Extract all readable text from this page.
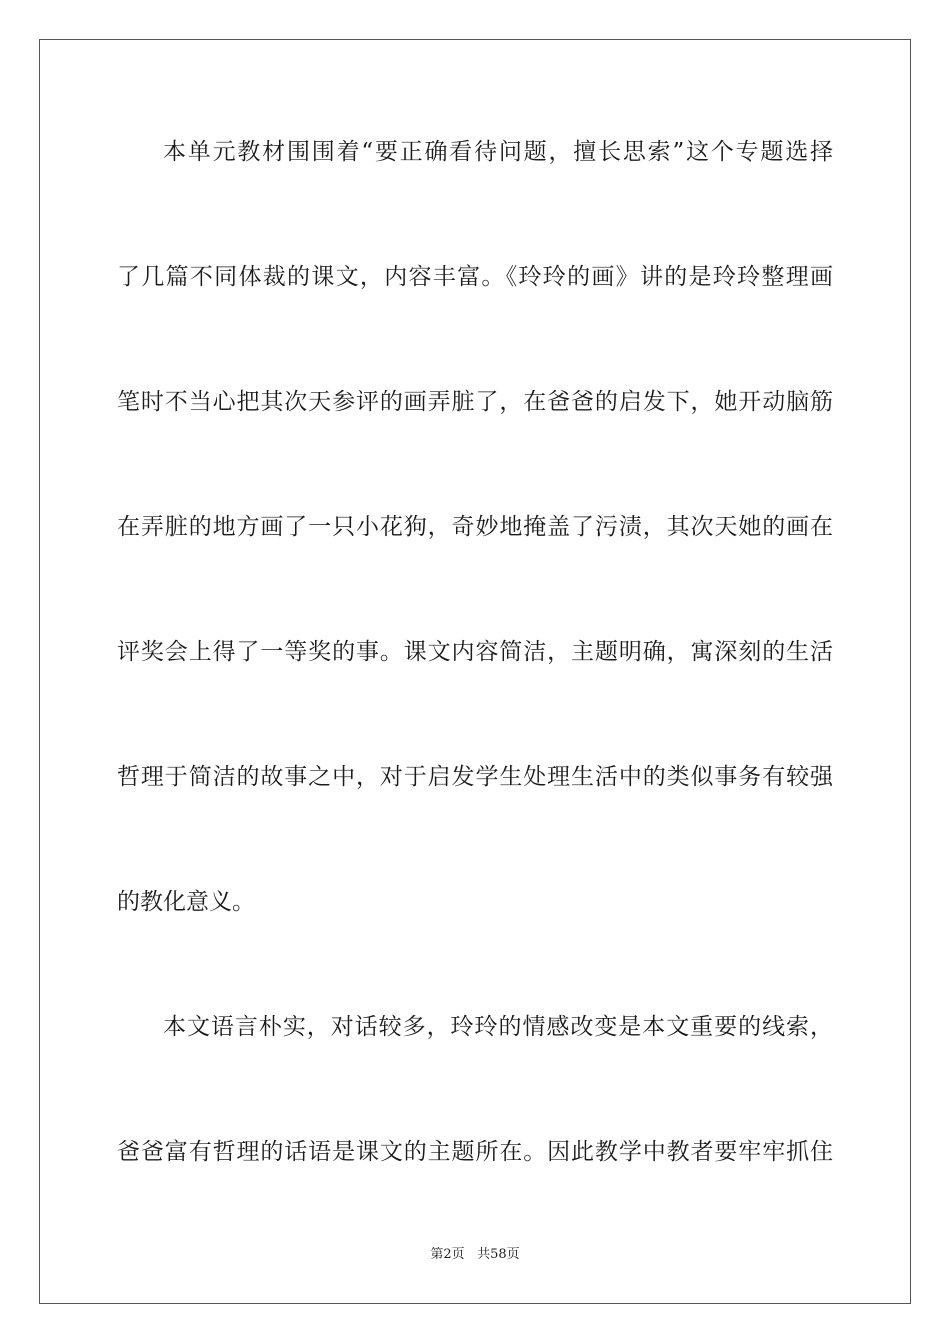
本单元教材围围着“要正确看待问题，擅长思索”这个专题选择
了几篇不同体裁的课文，内容丰富。《玲玲的画》讲的是玲玲整理画
笔时不当心把其次天参评的画弄脏了，在爸爸的启发下，她开动脑筋
在弄脏的地方画了一只小花狗，奇妙地掩盖了污渍，其次天她的画在
评奖会上得了一等奖的事。课文内容简洁，主题明确，寓深刻的生活
哲理于简洁的故事之中，对于启发学生处理生活中的类似事务有较强
的教化意义。
本文语言朴实，对话较多，玲玲的情感改变是本文重要的线索，
爸爸富有哲理的话语是课文的主题所在。因此教学中教者要牢牢抓住
第2页 共58页
